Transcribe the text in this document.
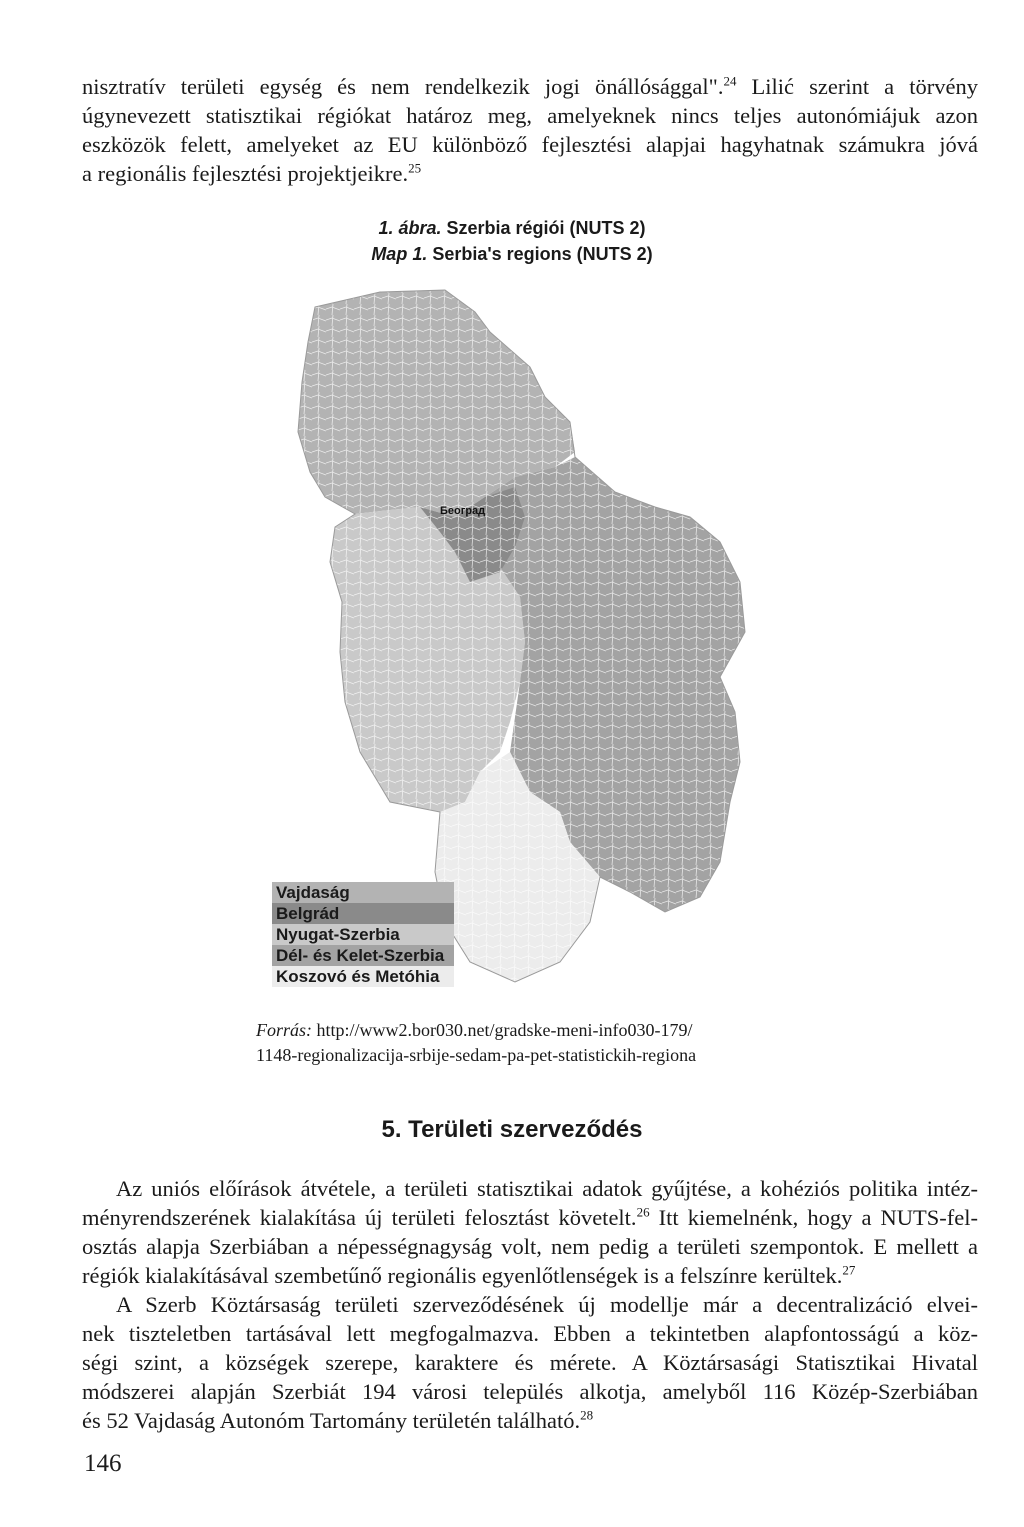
nisztratív területi egység és nem rendelkezik jogi önállósággal".$^{24}$ Lilić szerint a törvény
úgynevezett statisztikai régiókat határoz meg, amelyeknek nincs teljes autonómiájuk azon
eszközök felett, amelyeket az EU különböző fejlesztési alapjai hagyhatnak számukra jóvá
a regionális fejlesztési projektjeikre.$^{25}$
1. ábra. Szerbia régiói (NUTS 2)
Map 1. Serbia's regions (NUTS 2)
Београд
Vajdaság
Belgrád
Nyugat-Szerbia
Dél- és Kelet-Szerbia
Koszovó és Metóhia
Forrás: http://www2.bor030.net/gradske-meni-info030-179/
1148-regionalizacija-srbije-sedam-pa-pet-statistickih-regiona
5. Területi szerveződés
Az uniós előírások átvétele, a területi statisztikai adatok gyűjtése, a kohéziós politika intéz-
ményrendszerének kialakítása új területi felosztást követelt.$^{26}$ Itt kiemelnénk, hogy a NUTS-fel-
osztás alapja Szerbiában a népességnagyság volt, nem pedig a területi szempontok. E mellett a
régiók kialakításával szembetűnő regionális egyenlőtlenségek is a felszínre kerültek.$^{27}$
A Szerb Köztársaság területi szerveződésének új modellje már a decentralizáció elvei-
nek tiszteletben tartásával lett megfogalmazva. Ebben a tekintetben alapfontosságú a köz-
ségi szint, a községek szerepe, karaktere és mérete. A Köztársasági Statisztikai Hivatal
módszerei alapján Szerbiát 194 városi település alkotja, amelyből 116 Közép-Szerbiában
és 52 Vajdaság Autonóm Tartomány területén található.$^{28}$
146
